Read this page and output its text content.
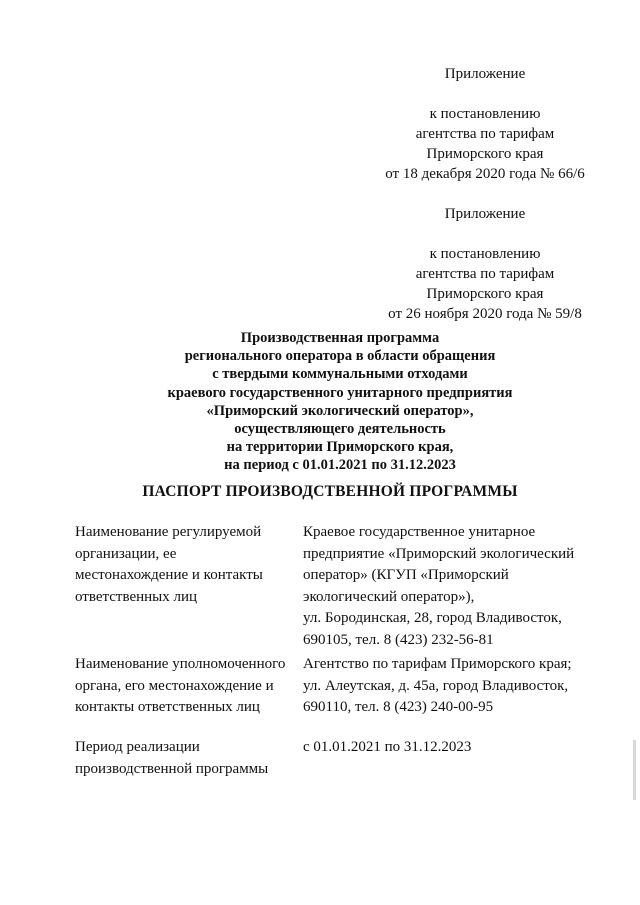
Приложение
к постановлению
агентства по тарифам
Приморского края
от 18 декабря 2020 года № 66/6
Приложение
к постановлению
агентства по тарифам
Приморского края
от 26 ноября 2020 года № 59/8
Производственная программа
регионального оператора в области обращения
с твердыми коммунальными отходами
краевого государственного унитарного предприятия
«Приморский экологический оператор»,
осуществляющего деятельность
на территории Приморского края,
на период с 01.01.2021 по 31.12.2023
ПАСПОРТ ПРОИЗВОДСТВЕННОЙ ПРОГРАММЫ
Наименование регулируемой
организации, ее
местонахождение и контакты
ответственных лиц
Краевое государственное унитарное
предприятие «Приморский экологический
оператор» (КГУП «Приморский
экологический оператор»),
ул. Бородинская, 28, город Владивосток,
690105, тел. 8 (423) 232-56-81
Наименование уполномоченного
органа, его местонахождение и
контакты ответственных лиц
Агентство по тарифам Приморского края;
ул. Алеутская, д. 45а, город Владивосток,
690110, тел. 8 (423) 240-00-95
Период реализации
производственной программы
с 01.01.2021 по 31.12.2023
